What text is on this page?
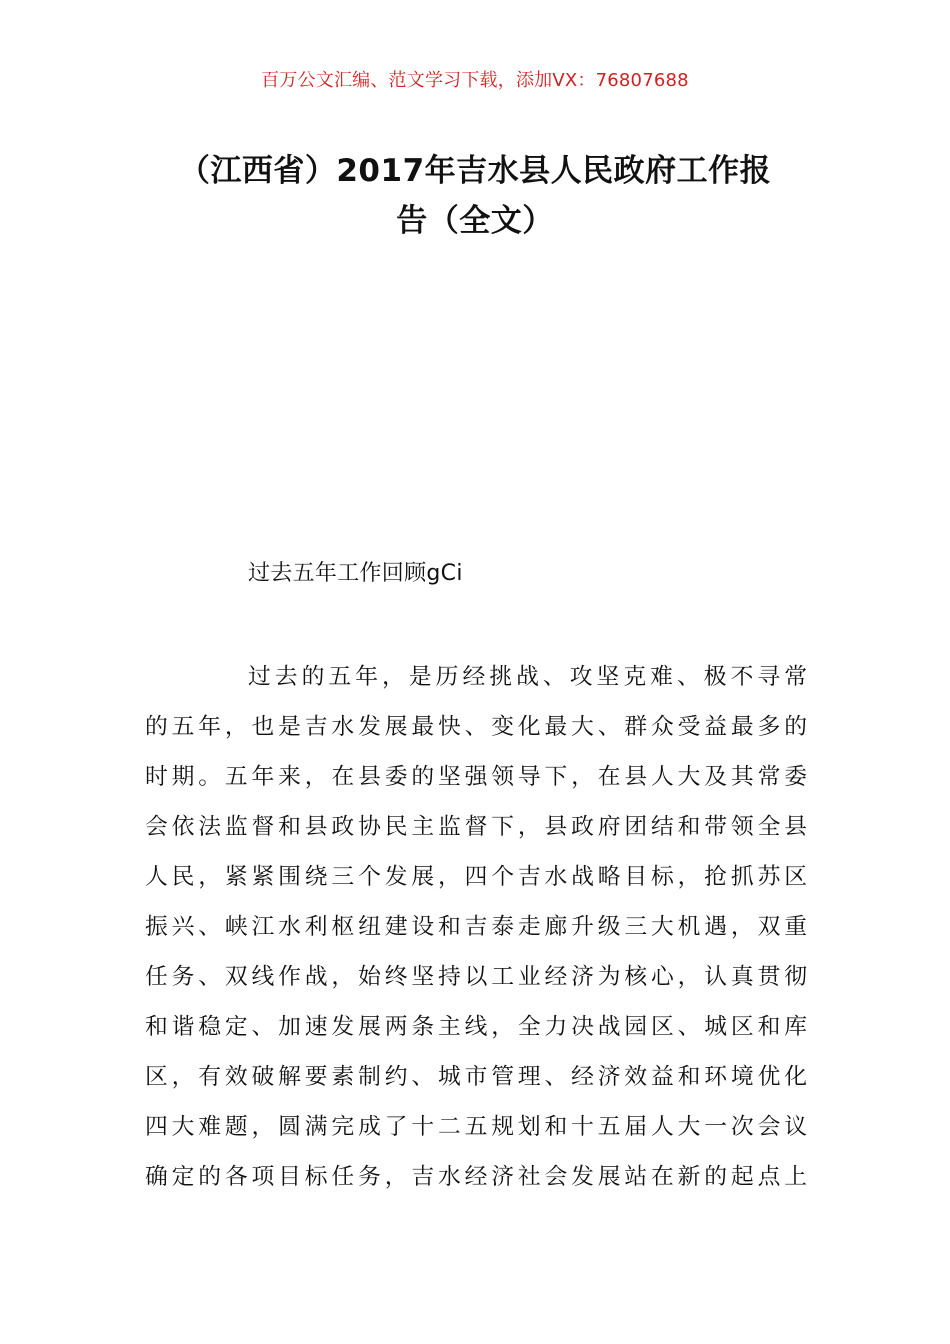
百万公文汇编、范文学习下载，添加VX：76807688
（江西省）2017年吉水县人民政府工作报
告（全文）
过去五年工作回顾gCi
过去的五年，是历经挑战、攻坚克难、极不寻常
的五年，也是吉水发展最快、变化最大、群众受益最多的
时期。五年来，在县委的坚强领导下，在县人大及其常委
会依法监督和县政协民主监督下，县政府团结和带领全县
人民，紧紧围绕三个发展，四个吉水战略目标，抢抓苏区
振兴、峡江水利枢纽建设和吉泰走廊升级三大机遇，双重
任务、双线作战，始终坚持以工业经济为核心，认真贯彻
和谐稳定、加速发展两条主线，全力决战园区、城区和库
区，有效破解要素制约、城市管理、经济效益和环境优化
四大难题，圆满完成了十二五规划和十五届人大一次会议
确定的各项目标任务，吉水经济社会发展站在新的起点上
